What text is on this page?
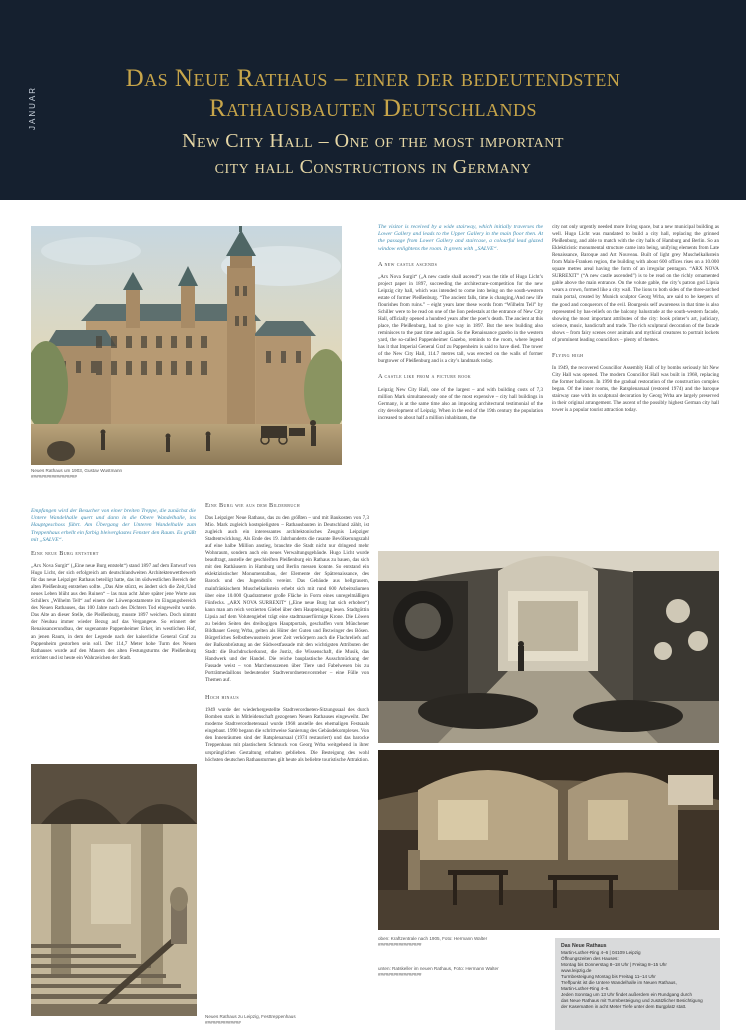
JANUAR
Das Neue Rathaus – einer der bedeutendsten
Rathausbauten Deutschlands
New City Hall – One of the most important
city hall Constructions in Germany
Neues Rathaus um 1903, Gustav Wustmann
##################

Empfangen wird der Besucher von einer breiten Treppe, die zunächst die Untere Wandelhalle quert und dann in die Obere Wandelhalle, ins Hauptgeschoss führt. Am Übergang der Unteren Wandelhalle zum Treppenhaus erhellt ein farbig bleiverglastes Fenster den Raum. Es grüßt mit „SALVE“.

Eine neue Burg entsteht

„Arx Nova Surgit“ („Eine neue Burg entsteht“) stand 1897 auf dem Entwurf von Hugo Licht, der sich erfolgreich am deutschlandweiten Architektenwettbewerb für das neue Leipziger Rathaus beteiligt hatte, das im südwestlichen Bereich der alten Pleißenburg entstehen sollte. „Das Alte stürzt, es ändert sich die Zeit,/Und neues Leben blüht aus den Ruinen“ – las man acht Jahre später jene Worte aus Schillers „Wilhelm Tell“ auf einem der Löwenpostamente im Eingangsbereich des Neuen Rathauses, das 100 Jahre nach des Dichters Tod eingeweiht wurde. Das Alte an dieser Stelle, die Pleißenburg, musste 1897 weichen. Doch nimmt der Neubau immer wieder Bezug auf das Vergangene. So erinnert der Renaissancerundbau, der sogenannte Pappenheimer Erker, im westlichen Hof, an jenen Raum, in dem der Legende nach der kaiserliche General Graf zu Pappenheim gestorben sein soll. Der 114,7 Meter hohe Turm des Neuen Rathauses wurde auf den Mauern des alten Festungsturms der Pleißenburg errichtet und ist heute ein Wahrzeichen der Stadt.

Neues Rathaus zu Leipzig, Festtreppenhaus
##############
Eine Burg wie aus dem Bilderbuch

Das Leipziger Neue Rathaus, das zu den größten – und mit Baukosten von 7,3 Mio. Mark zugleich kostspieligsten – Rathausbauten in Deutschland zählt, ist zugleich auch ein interessantes architektonisches Zeugnis Leipziger Stadtentwicklung. Als Ende des 19. Jahrhunderts die rasante Bevölkerungszahl auf eine halbe Million anstieg, brauchte die Stadt nicht nur dringend mehr Wohnraum, sondern auch ein neues Verwaltungsgebäude. Hugo Licht wurde beauftragt, anstelle der geschleiften Pleißenburg ein Rathaus zu bauen, das sich mit den Rathäusern in Hamburg und Berlin messen konnte. So entstand ein eklektizistischer Monumentalbau, der Elemente der Spätrenaissance, des Barock und des Jugendstils vereint. Das Gebäude aus hellgrauem, mainfränkischem Muschelkalkstein erhebt sich mit rund 600 Arbeitsräumen über eine 10.000 Quadratmeter große Fläche in Form eines unregelmäßigen Fünfecks. „ARX NOVA SURREXIT“ („Eine neue Burg hat sich erhoben“) kann man am reich verzierten Giebel über dem Haupteingang lesen. Stadtgöttin Lipsia auf dem Volutengiebel trägt eine stadtmauerförmige Krone. Die Löwen zu beiden Seiten des dreibogigen Hauptportals, geschaffen vom Münchener Bildhauer Georg Wrba, gelten als Hüter der Guten und Bezwinger des Bösen. Bürgerliches Selbstbewusstsein jener Zeit verkörpern auch die Flachreliefs auf der Balkonbrüstung an der Südwestfassade mit den wichtigsten Attributen der Stadt: die Buchdruckerkunst, die Justiz, die Wissenschaft, die Musik, das Handwerk und der Handel. Die reiche bauplastische Ausschmückung der Fassade weist – von Marchensszenen über Tiere und Fabelwesen bis zu Porträtmedaillons bedeutender Stadtverordnetenvorsteher – eine Fülle von Themen auf.

Hoch hinaus

1949 wurde der wiederhergestellte Stadtverordneten-Sitzungssaal des durch Bomben stark in Mitleidenschaft gezogenen Neuen Rathauses eingeweiht. Der moderne Stadtverordnetensaal wurde 1968 anstelle des ehemaligen Festsaals eingebaut. 1990 begann die schrittweise Sanierung des Gebäudekomplexes. Von den Innenräumen sind der Ratsplenarsaal (1974 restauriert) und das barocke Treppenhaus mit plastischem Schmuck von Georg Wrba weitgehend in ihrer ursprünglichen Gestaltung erhalten geblieben. Die Besteigung des wohl höchsten deutschen Rathausturmes gilt heute als beliebte touristische Attraktion.

The visitor is received by a wide stairway, which initially traverses the Lower Gallery and leads to the Upper Gallery in the main floor then. At the passage from Lower Gallery and staircase, a colourful lead glazed window enlightens the room. It greets with „SALVE“.

A new castle ascends

„Arx Nova Surgit“ („A new castle shall ascend“) was the title of Hugo Licht’s project paper in 1897, succeeding the architecture-competition for the new Leipzig city hall, which was intended to come into being on the south-western estate of former Pleißenburg. “The ancient falls, time is changing,/And new life flourishes from ruins.” – eight years later these words from “Wilhelm Tell” by Schiller were to be read on one of the lion pedestals at the entrance of New City Hall, officially opened a hundred years after the poet’s death. The ancient at this place, the Pleißenburg, had to give way in 1897. But the new building also reminisces to the past time and again. So the Renaissance gazebo in the western yard, the so-called Pappenheimer Gazebo, reminds to the room, where legend has it that Imperial General Graf zu Pappenheim is said to have died. The tower of the New City Hall, 114.7 metres tall, was erected on the walls of former burgtower of Pleißenburg and is a city’s landmark today.

A castle like from a picture book

Leipzig New City Hall, one of the largest – and with building costs of 7,3 million Mark simultaneously one of the most expensive – city hall buildings in Germany, is at the same time also an imposing architectural testimonial of the city development of Leipzig. When in the end of the 19th century the population increased to about half a million inhabitants, the

city not only urgently needed more living space, but a new municipal building as well. Hugo Licht was mandated to build a city hall, replacing the grinned Pleißenburg, and able to match with the city halls of Hamburg and Berlin. So an Eklekticistic monumental structure came into being, unifying elements from Late Renaissance, Baroque and Art Nouveau. Built of light grey Muschelkalkstein from Main-Franken region, the building with about 600 offices rises on a 10.000 square metres areal having the form of an irregular pentagon. “ARX NOVA SURREXIT” (“A new castle ascended”) is to be read on the richly ornamented gable above the main entrance. On the volute gable, the city’s patron god Lipsia wears a crown, formed like a city wall. The lions to both sides of the three-arched main portal, created by Munich sculptor Georg Wrba, are said to be keepers of the good and conquerors of the evil. Bourgeois self awareness in that time is also represented by bas-reliefs on the balcony balustrade at the south-western facade, showing the most important attributes of the city: book printer’s art, judiciary, science, music, handicraft and trade. The rich sculptural decoration of the facade shows – from fairy scenes over animals and mythical creatures to portrait lockets of prominent leading councillors – plenty of themes.

Flying high

In 1949, the recovered Councillor Assembly Hall of by bombs seriously hit New City Hall was opened. The modern Councillor Hall was built in 1968, replacing the former ballroom. In 1990 the gradual restoration of the construction complex began. Of the inner rooms, the Ratsplenarsaal (restored 1974) and the baroque stairway case with its sculptural decoration by Georg Wrba are largely preserved in their original arrangement. The ascent of the possibly highest German city hall tower is a popular tourist attraction today.

oben: Kraftzentrale nach 1905, Foto: Hermann Walter
#################
unten: Ratskeller im neuen Rathaus, Foto: Hermann Walter
#################
Das Neue Rathaus
Martin-Luther-Ring 4–6 | 04109 Leipzig
Öffnungszeiten des Hauses:
Montag bis Donnerstag 8–18 Uhr | Freitag 8–15 Uhr
www.leipzig.de
Turmbesteigung Montag bis Freitag 11–14 Uhr
Treffpunkt ist die Untere Wandelhalle im Neuen Rathaus,
Martin-Luther-Ring 4–6.
Jeden Sonntag um 13 Uhr findet außerdem ein Rundgang durch
das Neue Rathaus mit Turmbesteigung und zusätzlicher Besichtigung
der Kasematten in acht Meter Tiefe unter dem Burgplatz statt.
